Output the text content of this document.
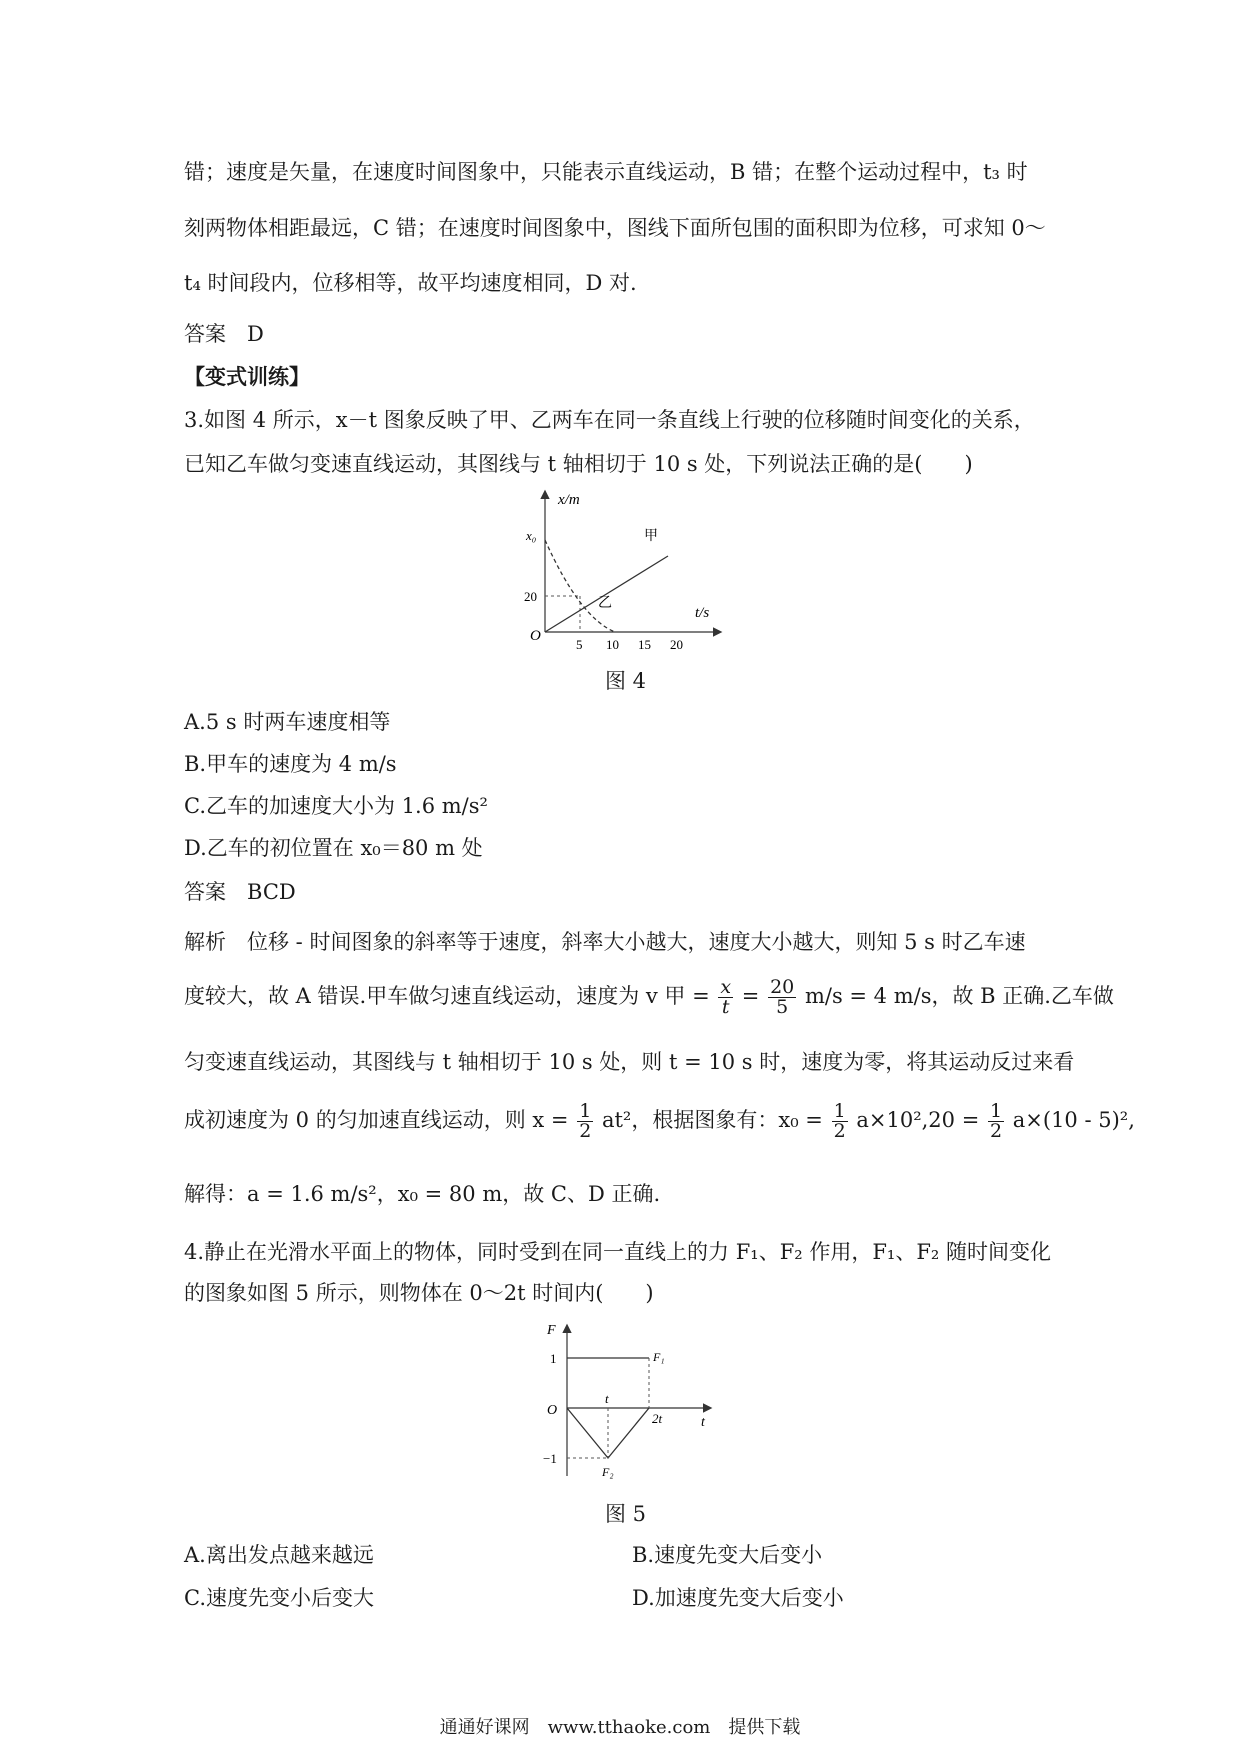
错；速度是矢量，在速度时间图象中，只能表示直线运动，B 错；在整个运动过程中，t₃ 时
刻两物体相距最远，C 错；在速度时间图象中，图线下面所包围的面积即为位移，可求知 0～
t₄ 时间段内，位移相等，故平均速度相同，D 对.
答案　D
【变式训练】
3.如图 4 所示，x－t 图象反映了甲、乙两车在同一条直线上行驶的位移随时间变化的关系，
已知乙车做匀变速直线运动，其图线与 t 轴相切于 10 s 处，下列说法正确的是(　　)
x/m
t/s
O
x₀
20
5 10 15 20
甲
乙
图 4
A.5 s 时两车速度相等
B.甲车的速度为 4 m/s
C.乙车的加速度大小为 1.6 m/s²
D.乙车的初位置在 x₀＝80 m 处
答案　BCD
解析　位移 - 时间图象的斜率等于速度，斜率大小越大，速度大小越大，则知 5 s 时乙车速
度较大，故 A 错误.甲车做匀速直线运动，速度为 v 甲 = $\frac{x}{t} = \frac{20}{5} m/s = 4$ m/s，故 B 正确.乙车做
匀变速直线运动，其图线与 t 轴相切于 10 s 处，则 t = 10 s 时，速度为零，将其运动反过来看
成初速度为 0 的匀加速直线运动，则 $x = \frac{1}{2} at^2$，根据图象有：$x_0 = \frac{1}{2} a\times 10^2,20 = \frac{1}{2} a\times(10 - 5)^2$,
解得：a = 1.6 m/s²，x₀ = 80 m，故 C、D 正确.
4.静止在光滑水平面上的物体，同时受到在同一直线上的力 F₁、F₂ 作用，F₁、F₂ 随时间变化
的图象如图 5 所示，则物体在 0～2t 时间内(　　)
F
t
O
1
−1
t
2t
F₁
F₂
图 5
A.离出发点越来越远	B.速度先变大后变小
C.速度先变小后变大	D.加速度先变大后变小
通通好课网　www.tthaoke.com　提供下载
